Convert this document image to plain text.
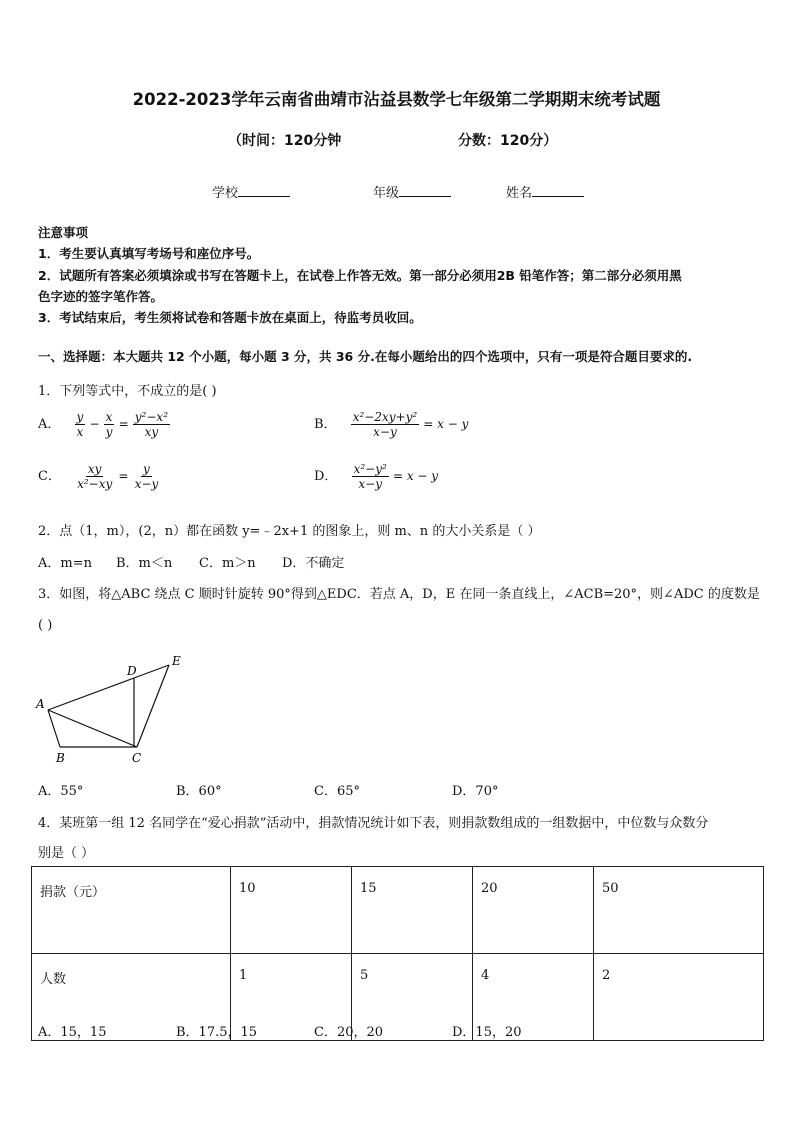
2022-2023学年云南省曲靖市沾益县数学七年级第二学期期末统考试题
（时间：120分钟	分数：120分）
学校	年级	姓名
注意事项
1．考生要认真填写考场号和座位序号。
2．试题所有答案必须填涂或书写在答题卡上，在试卷上作答无效。第一部分必须用2B 铅笔作答；第二部分必须用黑
色字迹的签字笔作答。
3．考试结束后，考生须将试卷和答题卡放在桌面上，待监考员收回。
一、选择题：本大题共 12 个小题，每小题 3 分，共 36 分.在每小题给出的四个选项中，只有一项是符合题目要求的.
1．下列等式中，不成立的是( )
A． $\frac{y}{x} - \frac{x}{y} = \frac{\text{y²−x²}}{xy}$	B． $\frac{\text{x²−2xy+y²}}{x-y} = x - y$
C． $\frac{xy}{\text{x²−xy}} = \frac{y}{x-y}$	D． $\frac{\text{x²−y²}}{x-y} = x - y$
2．点（1，m），(2，n）都在函数 y=﹣2x+1 的图象上，则 m、n 的大小关系是（ ）
A．m=n B．m＜n C．m＞n D．不确定
3．如图，将△ABC 绕点 C 顺时针旋转 90°得到△EDC．若点 A，D，E 在同一条直线上，∠ACB=20°，则∠ADC 的度数是
( )
A
B	C
D
E
A．55°	B．60°	C．65°	D．70°
4．某班第一组 12 名同学在“爱心捐款”活动中，捐款情况统计如下表，则捐款数组成的一组数据中，中位数与众数分
别是（ ）
捐款（元）	10	15	20	50
人数	1	5	4	2
A．15，15	B．17.5，15	C．20，20	D．15，20
